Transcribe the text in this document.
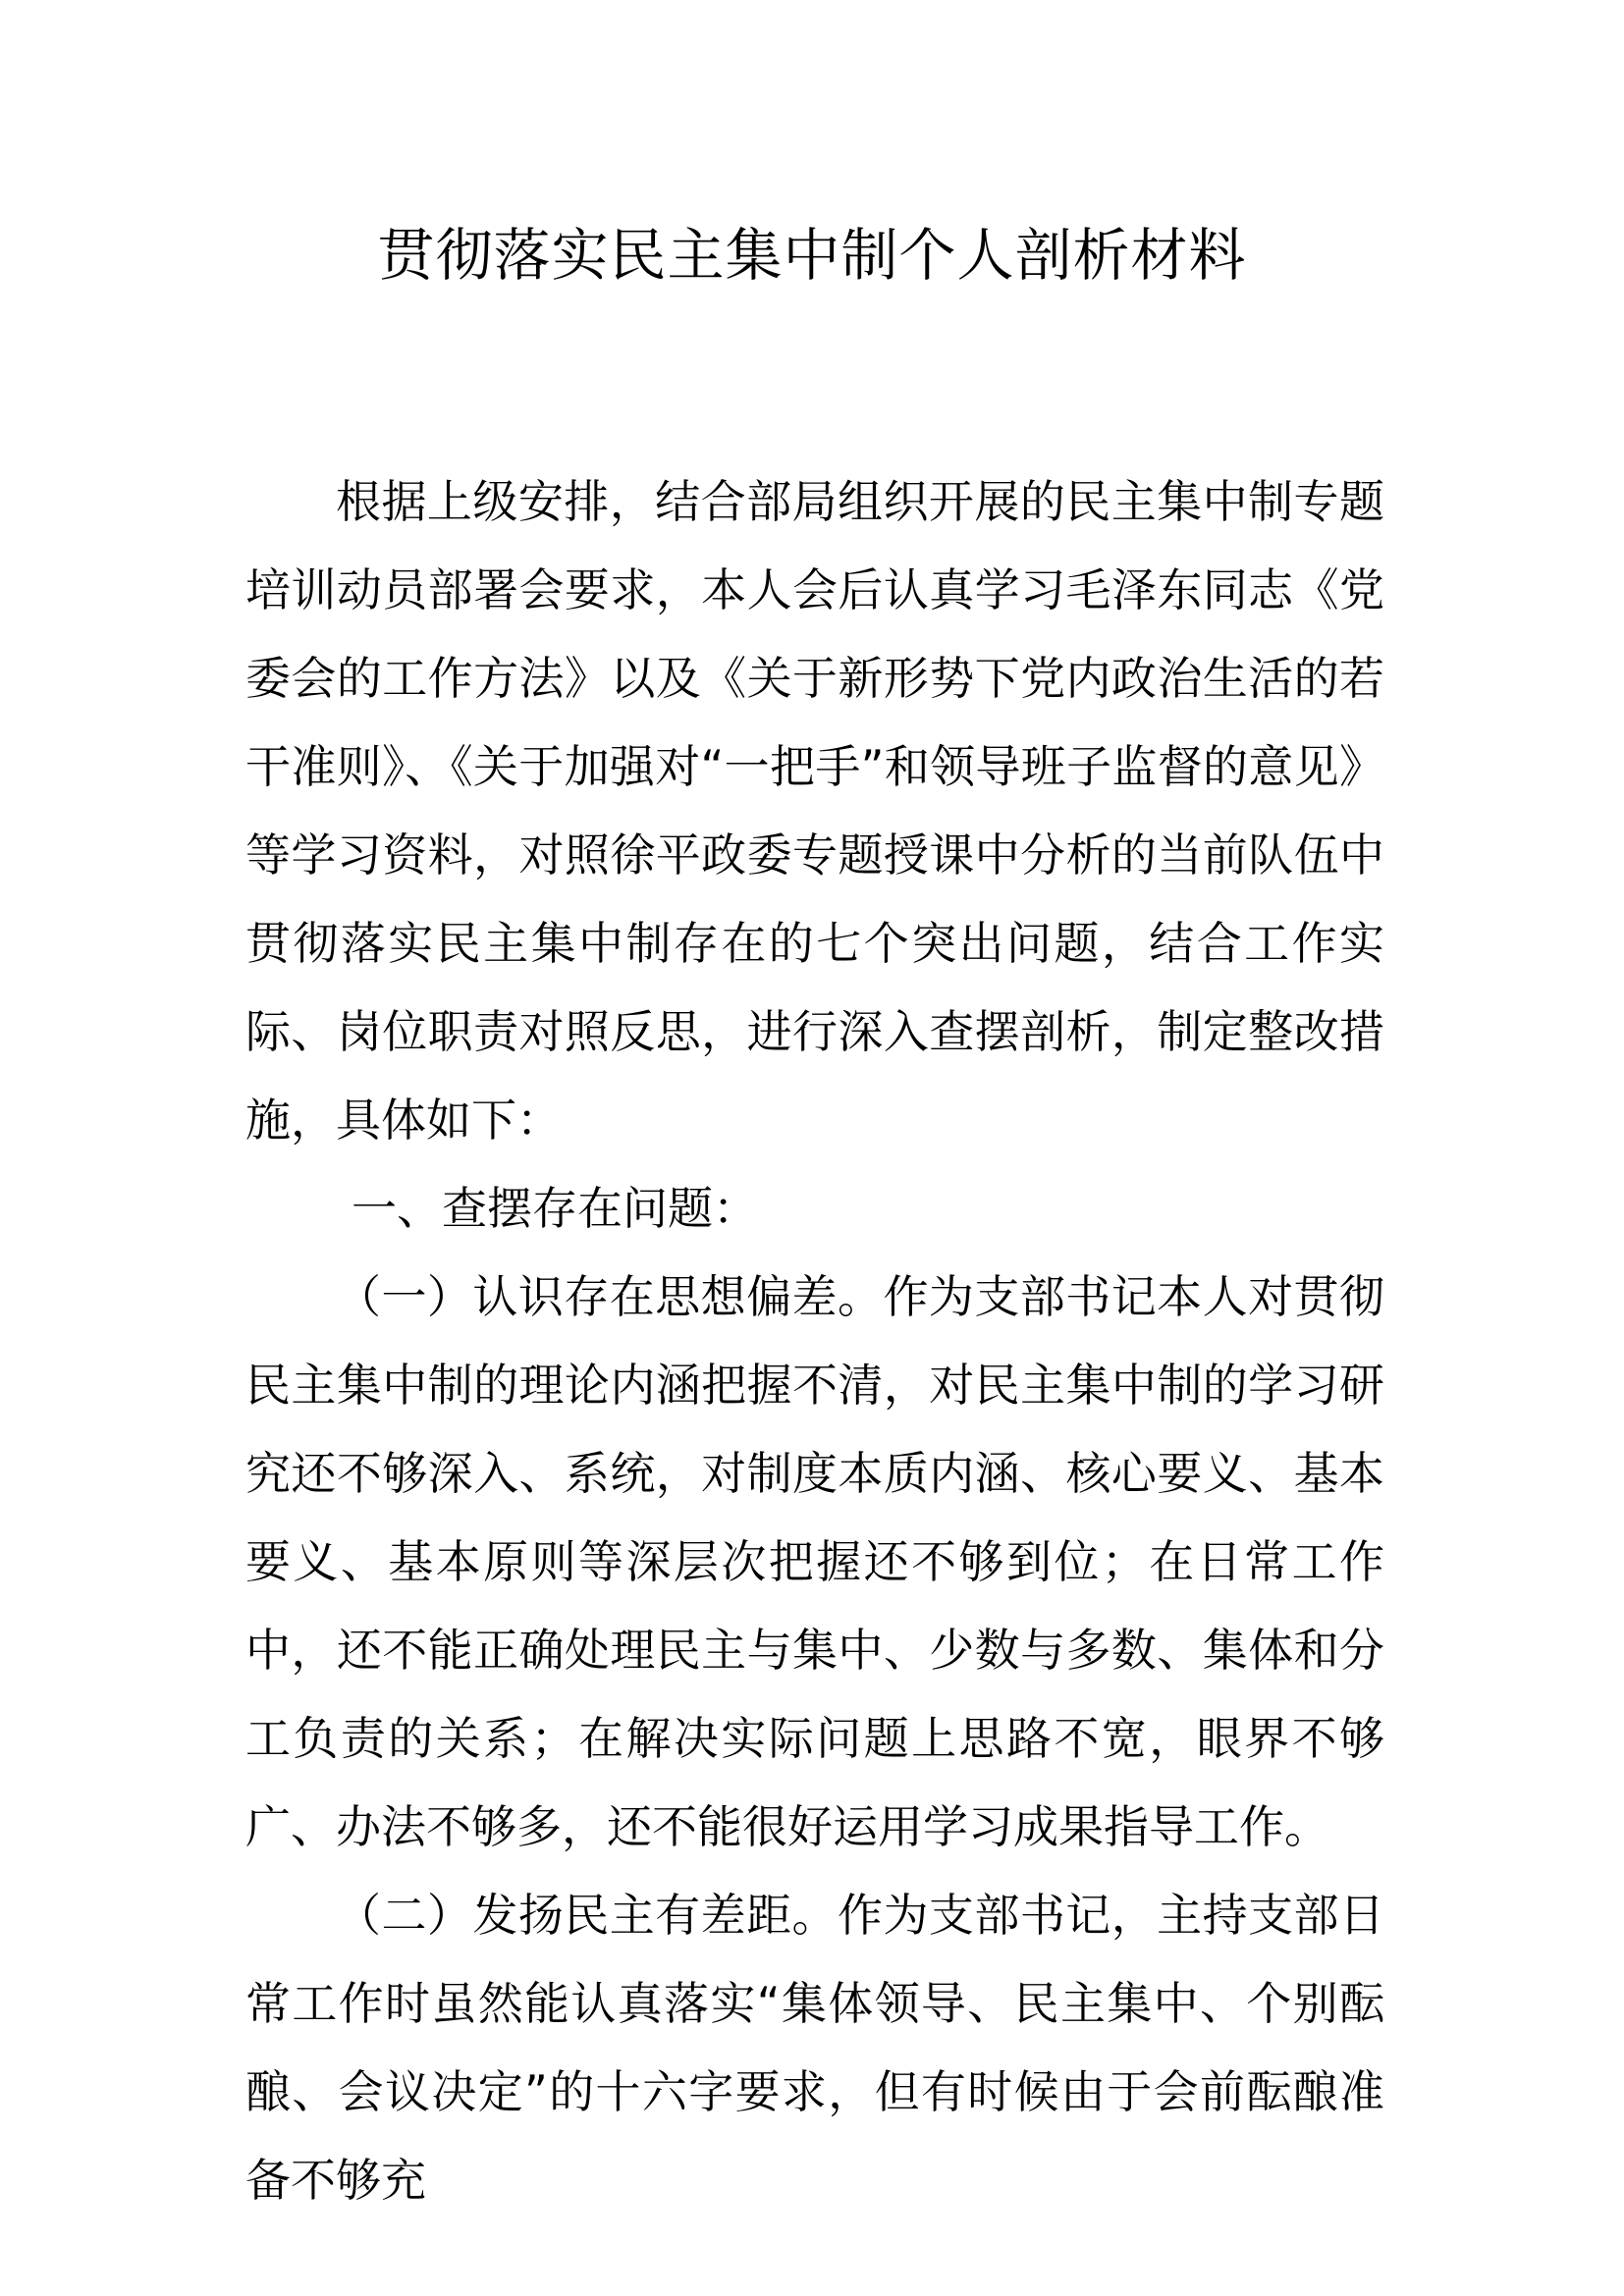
贯彻落实民主集中制个人剖析材料

根据上级安排，结合部局组织开展的民主集中制专题培训动员部署会要求，本人会后认真学习毛泽东同志《党委会的工作方法》以及《关于新形势下党内政治生活的若干准则》、《关于加强对“一把手”和领导班子监督的意见》等学习资料，对照徐平政委专题授课中分析的当前队伍中贯彻落实民主集中制存在的七个突出问题，结合工作实际、岗位职责对照反思，进行深入查摆剖析，制定整改措施，具体如下：

一、查摆存在问题：

（一）认识存在思想偏差。作为支部书记本人对贯彻民主集中制的理论内涵把握不清，对民主集中制的学习研究还不够深入、系统，对制度本质内涵、核心要义、基本要义、基本原则等深层次把握还不够到位；在日常工作中，还不能正确处理民主与集中、少数与多数、集体和分工负责的关系；在解决实际问题上思路不宽，眼界不够广、办法不够多，还不能很好运用学习成果指导工作。

（二）发扬民主有差距。作为支部书记，主持支部日常工作时虽然能认真落实“集体领导、民主集中、个别酝酿、会议决定”的十六字要求，但有时候由于会前酝酿准备不够充
